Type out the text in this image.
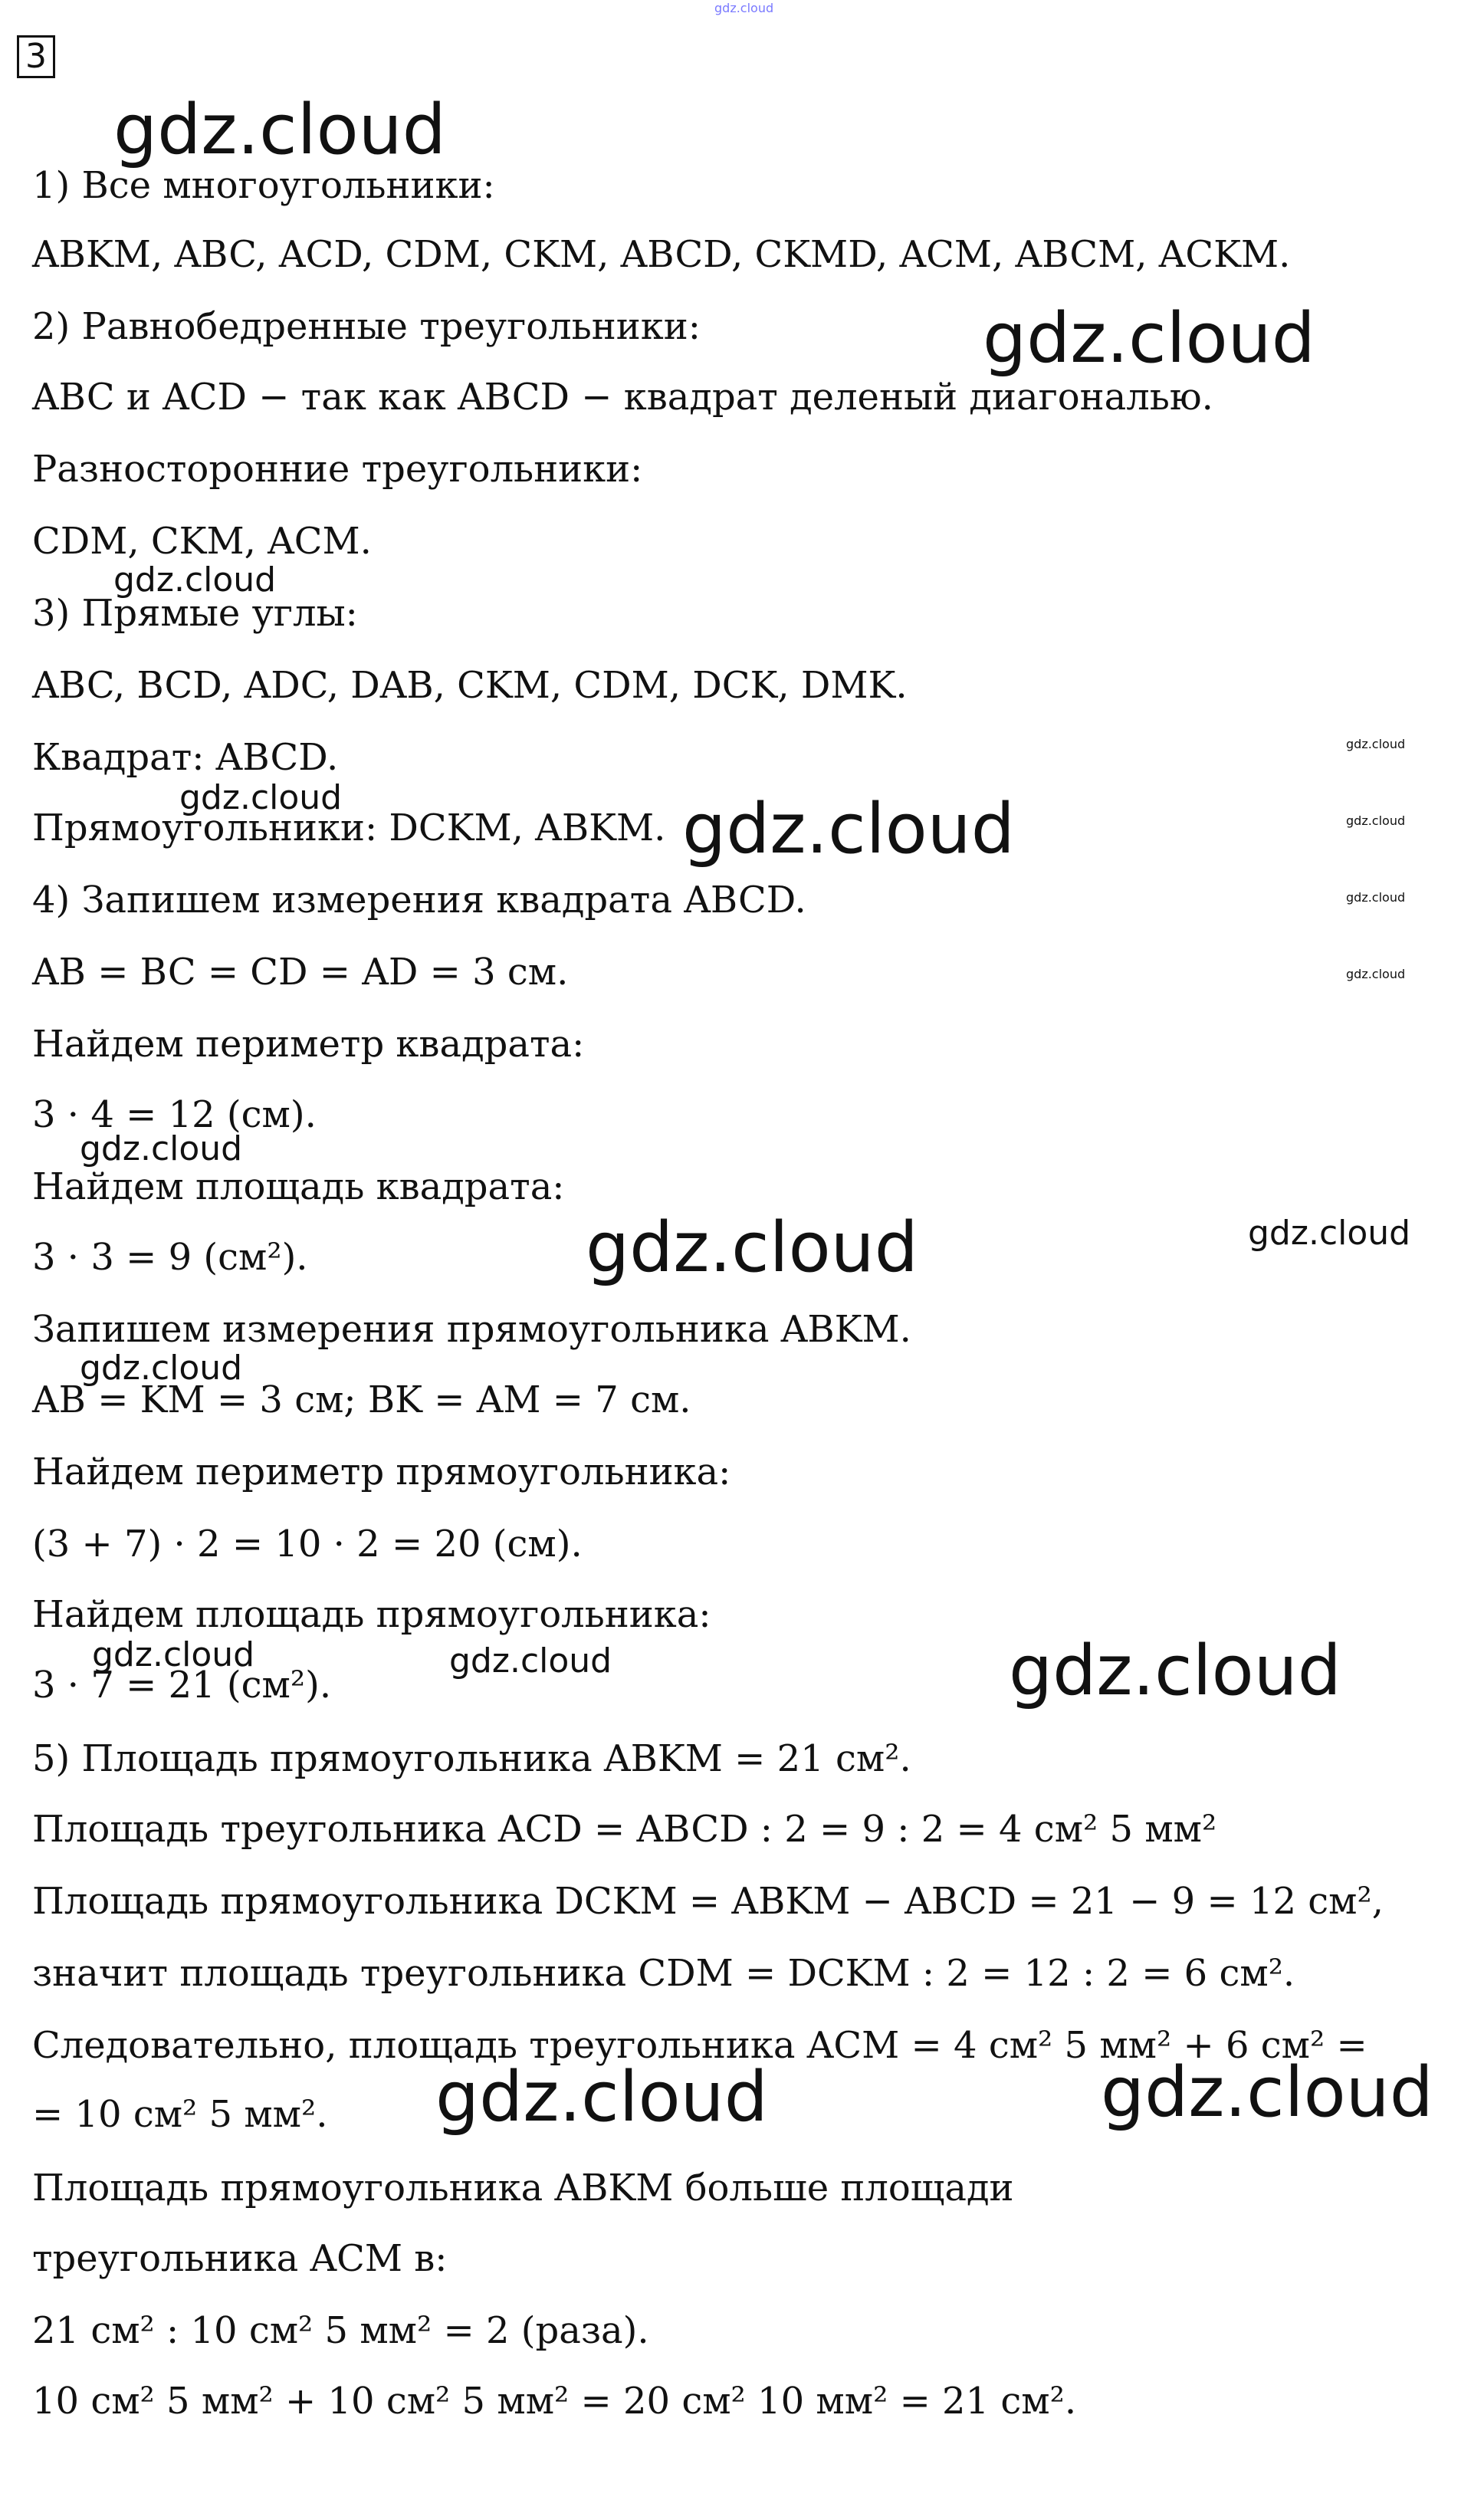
3
1) Все многоугольники:
ABKM, ABC, ACD, CDM, CKM, ABCD, CKMD, ACM, ABCM, ACKM.
2) Равнобедренные треугольники:
ABC и ACD − так как ABCD − квадрат деленый диагональю.
Разносторонние треугольники:
CDM, CKM, ACM.
3) Прямые углы:
ABC, BCD, ADC, DAB, CKM, CDM, DCK, DMK.
Квадрат: ABCD.
Прямоугольники: DCKM, ABKM.
4) Запишем измерения квадрата ABCD.
AB = BC = CD = AD = 3 см.
Найдем периметр квадрата:
3 · 4 = 12 (см).
Найдем площадь квадрата:
3 · 3 = 9 (см²).
Запишем измерения прямоугольника ABKM.
AB = KM = 3 см; BK = AM = 7 см.
Найдем периметр прямоугольника:
(3 + 7) · 2 = 10 · 2 = 20 (см).
Найдем площадь прямоугольника:
3 · 7 = 21 (см²).
5) Площадь прямоугольника ABKM = 21 см².
Площадь треугольника ACD = ABCD : 2 = 9 : 2 = 4 см² 5 мм²
Площадь прямоугольника DCKM = ABKM − ABCD = 21 − 9 = 12 см²,
значит площадь треугольника CDM = DCKM : 2 = 12 : 2 = 6 см².
Следовательно, площадь треугольника ACM = 4 см² 5 мм² + 6 см² =
= 10 см² 5 мм².
Площадь прямоугольника ABKM больше площади
треугольника ACM в:
21 см² : 10 см² 5 мм² = 2 (раза).
10 см² 5 мм² + 10 см² 5 мм² = 20 см² 10 мм² = 21 см².
gdz.cloud
gdz.cloud
gdz.cloud
gdz.cloud
gdz.cloud
gdz.cloud	gdz.cloud	gdz.cloud
gdz.cloud
gdz.cloud
gdz.cloud
gdz.cloud	gdz.cloud
gdz.cloud
gdz.cloud	gdz.cloud	gdz.cloud
gdz.cloud	gdz.cloud
